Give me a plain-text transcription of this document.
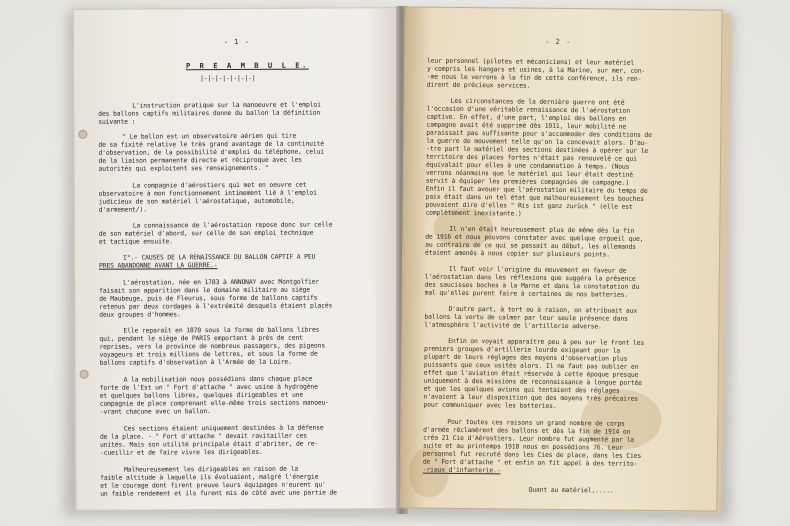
- 1 -
P R E A M B U L E.
|-|-|-|-|-|-|-|
L'instruction pratique sur la manoeuvre et l'emploi
des ballons captifs militaires donne du ballon la définition
suivante :
" Le ballon est un observatoire aérien qui tire
de sa fixité relative le très grand avantage de la continuité
d'observation, de la possibilité d'emploi du téléphone, celui
de la liaison permanente directe et réciproque avec les
autorités qui exploitent ses renseignements. "
La compagnie d'aérostiers qui met en oeuvre cet
observatoire à mon fonctionnement intimement lié à l'emploi
judicieux de son matériel l'aérostatique, automobile,
d'armement/).
La connaissance de l'aérostation repose donc sur celle
de son matériel d'abord, sur celle de son emploi technique
et tactique ensuite.
I°.- CAUSES DE LA RENAISSANCE DU BALLON CAPTIF A PEU
PRES ABANDONNE AVANT LA GUERRE.-
L'aérostation, née en 1783 à ANNONAY avec Montgolfier
faisait son apparition dans le domaine militaire au siège
de Maubeuge, puis de Fleurus, sous forme de ballons captifs
retenus par deux cordages à l'extrémité desquels étaient placés
deux groupes d'hommes.
Elle reparaît en 1870 sous la forme de ballons libres
qui, pendant le siège de PARIS emportent à près de cent
reprises, vers la province de nombreux passagers, des pigeons
voyageurs et trois millions de lettres, et sous la forme de
ballons captifs d'observation à l'Armée de la Loire.
A la mobilisation nous possédions dans chaque place
forte de l'Est un " Fort d'attache " avec usine à hydrogène
et quelques ballons libres, quelques dirigeables et une
compagnie de place comprenant elle-même trois sections manoeu-
-vrant chacune avec un ballon.
Ces sections étaient uniquement destinées à la défense
de la place. - " Fort d'attache " devait ravitailler ces
unités. Mais son utilité principale était d'abriter, de re-
-cueillir et de faire vivre les dirigeables.
Malheureusement les dirigeables en raison de la
faible altitude à laquelle ils évoluaient, malgré l'énergie
et le courage dont firent preuve leurs équipages n'eurent qu'
un faible rendement et ils furent mis de côté avec une partie de
- 2 -
leur personnel (pilotes et mécaniciens) et leur matériel
y compris les hangars et usines, à la Marine, sur mer, con-
-me nous le verrons à la fin de cette conférence, ils ren-
dirent de précieux services.
Les circonstances de la dernière guerre ont été
l'occasion d'une véritable renaissance de l'aérostation
captive. En effet, d'une part, l'emploi des ballons en
campagne avait été supprimé dès 1911, leur mobilité ne
paraissait pas suffisante pour s'accommoder des conditions de
la guerre de mouvement telle qu'on la concevait alors. D'au-
-tre part le matériel des sections destinées à opérer sur le
territoire des places fortes n'était pas renouvelé ce qui
équivalait pour elles à une condamnation à temps. (Nous
verrons néanmoins que le matériel qui leur était destiné
servit à équiper les premières compagnies de campagne.)
Enfin il faut avouer que l'aérostation militaire du temps de
paix était dans un tel état que malheureusement les bouches
pouvaient dire d'elles " Ris ist ganz zurück " (elle est
complètement inexistante.)
Il n'en était heureusement plus de même dès la fin
de 1916 et nous pouvons constater avec quelque orgueil que,
au contraire de ce qui se passait au début, les allemands
étaient amenés à nous copier sur plusieurs points.
Il faut voir l'origine du mouvement en faveur de
l'aérostation dans les réflexions que suggéra la présence
des saucisses boches à la Marne et dans la constatation du
mal qu'elles purent faire à certaines de nos batteries.
D'autre part, à tort ou à raison, on attribuait aux
ballons la vertu de calmer par leur seule présence dans
l'atmosphère l'activité de l'artillerie adverse.
Enfin on voyait apparaître peu à peu sur le front les
premiers groupes d'artillerie lourde exigeant pour la
plupart de leurs réglages des moyens d'observation plus
puissants que ceux usités alors. Il ne faut pas oublier en
effet que l'aviation était réservée à cette époque presque
uniquement à des missions de reconnaissance à longue portée
et que les quelques avions qui tentaient des réglages
n'avaient à leur disposition que des moyens très précaires
pour communiquer avec les batteries.
Pour toutes ces raisons un grand nombre de corps
d'armée réclamèrent des ballons et dès la fin de 1914 on
créa 21 Cie d'Aérostiers. Leur nombre fut augmenté par la
suite et au printemps 1918 nous en possédions 76. Leur
personnel fut recruté dans les Cies de place, dans les Cies
de " Fort d'attache " et enfin on fit appel à des territo-
-riaux d'infanterie.-
Quant au matériel,.....
